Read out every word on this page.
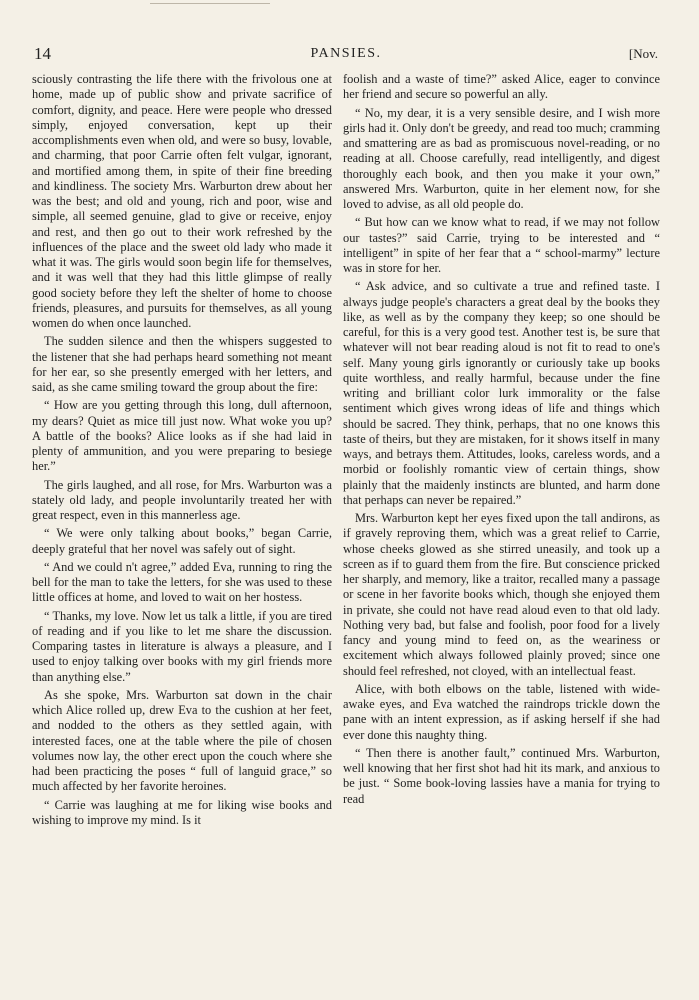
14	PANSIES.	[Nov.

sciously contrasting the life there with the frivolous one at home, made up of public show and private sacrifice of comfort, dignity, and peace. Here were people who dressed simply, enjoyed conversation, kept up their accomplishments even when old, and were so busy, lovable, and charming, that poor Carrie often felt vulgar, ignorant, and mortified among them, in spite of their fine breeding and kindliness. The society Mrs. Warburton drew about her was the best; and old and young, rich and poor, wise and simple, all seemed genuine, glad to give or receive, enjoy and rest, and then go out to their work refreshed by the influences of the place and the sweet old lady who made it what it was. The girls would soon begin life for themselves, and it was well that they had this little glimpse of really good society before they left the shelter of home to choose friends, pleasures, and pursuits for themselves, as all young women do when once launched.

The sudden silence and then the whispers suggested to the listener that she had perhaps heard something not meant for her ear, so she presently emerged with her letters, and said, as she came smiling toward the group about the fire:

“ How are you getting through this long, dull afternoon, my dears? Quiet as mice till just now. What woke you up? A battle of the books? Alice looks as if she had laid in plenty of ammunition, and you were preparing to besiege her.”

The girls laughed, and all rose, for Mrs. Warburton was a stately old lady, and people involuntarily treated her with great respect, even in this mannerless age.

“ We were only talking about books,” began Carrie, deeply grateful that her novel was safely out of sight.

“ And we could n't agree,” added Eva, running to ring the bell for the man to take the letters, for she was used to these little offices at home, and loved to wait on her hostess.

“ Thanks, my love. Now let us talk a little, if you are tired of reading and if you like to let me share the discussion. Comparing tastes in literature is always a pleasure, and I used to enjoy talking over books with my girl friends more than anything else.”

As she spoke, Mrs. Warburton sat down in the chair which Alice rolled up, drew Eva to the cushion at her feet, and nodded to the others as they settled again, with interested faces, one at the table where the pile of chosen volumes now lay, the other erect upon the couch where she had been practicing the poses “ full of languid grace,” so much affected by her favorite heroines.

“ Carrie was laughing at me for liking wise books and wishing to improve my mind. Is it

foolish and a waste of time?” asked Alice, eager to convince her friend and secure so powerful an ally.

“ No, my dear, it is a very sensible desire, and I wish more girls had it. Only don't be greedy, and read too much; cramming and smattering are as bad as promiscuous novel-reading, or no reading at all. Choose carefully, read intelligently, and digest thoroughly each book, and then you make it your own,” answered Mrs. Warburton, quite in her element now, for she loved to advise, as all old people do.

“ But how can we know what to read, if we may not follow our tastes?” said Carrie, trying to be interested and “ intelligent” in spite of her fear that a “ school-marmy” lecture was in store for her.

“ Ask advice, and so cultivate a true and refined taste. I always judge people's characters a great deal by the books they like, as well as by the company they keep; so one should be careful, for this is a very good test. Another test is, be sure that whatever will not bear reading aloud is not fit to read to one's self. Many young girls ignorantly or curiously take up books quite worthless, and really harmful, because under the fine writing and brilliant color lurk immorality or the false sentiment which gives wrong ideas of life and things which should be sacred. They think, perhaps, that no one knows this taste of theirs, but they are mistaken, for it shows itself in many ways, and betrays them. Attitudes, looks, careless words, and a morbid or foolishly romantic view of certain things, show plainly that the maidenly instincts are blunted, and harm done that perhaps can never be repaired.”

Mrs. Warburton kept her eyes fixed upon the tall andirons, as if gravely reproving them, which was a great relief to Carrie, whose cheeks glowed as she stirred uneasily, and took up a screen as if to guard them from the fire. But conscience pricked her sharply, and memory, like a traitor, recalled many a passage or scene in her favorite books which, though she enjoyed them in private, she could not have read aloud even to that old lady. Nothing very bad, but false and foolish, poor food for a lively fancy and young mind to feed on, as the weariness or excitement which always followed plainly proved; since one should feel refreshed, not cloyed, with an intellectual feast.

Alice, with both elbows on the table, listened with wide-awake eyes, and Eva watched the raindrops trickle down the pane with an intent expression, as if asking herself if she had ever done this naughty thing.

“ Then there is another fault,” continued Mrs. Warburton, well knowing that her first shot had hit its mark, and anxious to be just. “ Some book-loving lassies have a mania for trying to read
